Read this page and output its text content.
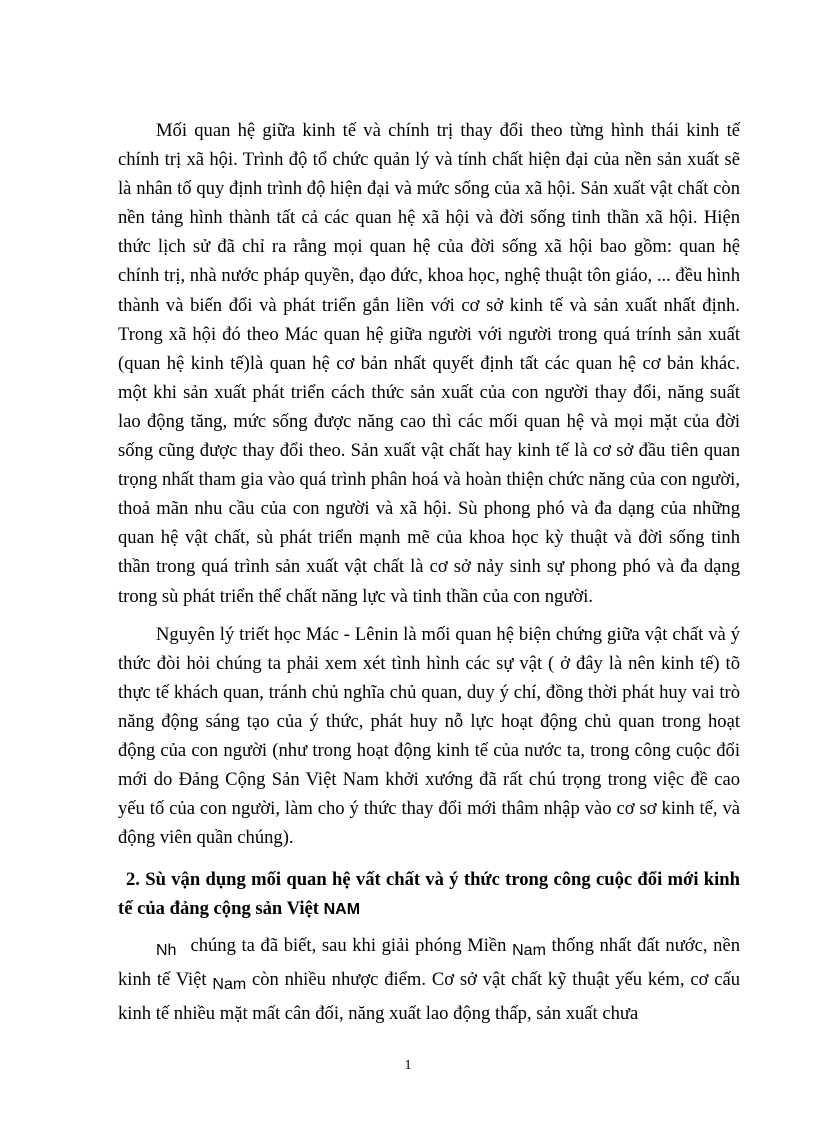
Mối quan hệ giữa kinh tế và chính trị thay đổi theo từng hình thái kinh tế chính trị xã hội. Trình độ tổ chức quản lý và tính chất hiện đại của nền sản xuất sẽ là nhân tố quy định trình độ hiện đại và mức sống của xã hội. Sản xuất vật chất còn nền tảng hình thành tất cả các quan hệ xã hội và đời sống tinh thần xã hội. Hiện thức lịch sử đã chỉ ra rằng mọi quan hệ của đời sống xã hội bao gồm: quan hệ chính trị, nhà nước pháp quyền, đạo đức, khoa học, nghệ thuật tôn giáo, ... đều hình thành và biến đổi và phát triển gắn liền với cơ sở kinh tế và sản xuất nhất định. Trong xã hội đó theo Mác quan hệ giữa người với người trong quá trính sản xuất (quan hệ kinh tế)là quan hệ cơ bản nhất quyết định tất các quan hệ cơ bản khác. một khi sản xuất phát triển cách thức sản xuất của con người thay đổi, năng suất lao động tăng, mức sống được năng cao thì các mối quan hệ và mọi mặt của đời sống cũng được thay đổi theo. Sản xuất vật chất hay kinh tế là cơ sở đầu tiên quan trọng nhất tham gia vào quá trình phân hoá và hoàn thiện chức năng của con người, thoả mãn nhu cầu của con người và xã hội. Sù phong phó và đa dạng của những quan hệ vật chất, sù phát triển mạnh mẽ của khoa học kỳ thuật và đời sống tinh thần trong quá trình sản xuất vật chất là cơ sở nảy sinh sự phong phó và đa dạng trong sù phát triển thể chất năng lực và tinh thần của con người.

Nguyên lý triết học Mác - Lênin là mối quan hệ biện chứng giữa vật chất và ý thức đòi hỏi chúng ta phải xem xét tình hình các sự vật ( ở đây là nên kinh tế) tõ thực tế khách quan, tránh chủ nghĩa chủ quan, duy ý chí, đồng thời phát huy vai trò năng động sáng tạo của ý thức, phát huy nỗ lực hoạt động chủ quan trong hoạt động của con người (như trong hoạt động kinh tế của nước ta, trong công cuộc đổi mới do Đảng Cộng Sản Việt Nam khởi xướng đã rất chú trọng trong việc đề cao yếu tố của con người, làm cho ý thức thay đổi mới thâm nhập vào cơ sơ kinh tế, và động viên quần chúng).

2. Sù vận dụng mối quan hệ vất chất và ý thức trong công cuộc đổi mới kinh tế của đảng cộng sản Việt NAM

Nh chúng ta đã biết, sau khi giải phóng Miền Nam thống nhất đất nước, nền kinh tế Việt Nam còn nhiều nhược điểm. Cơ sở vật chất kỹ thuật yếu kém, cơ cấu kinh tế nhiều mặt mất cân đối, năng xuất lao động thấp, sản xuất chưa

1
